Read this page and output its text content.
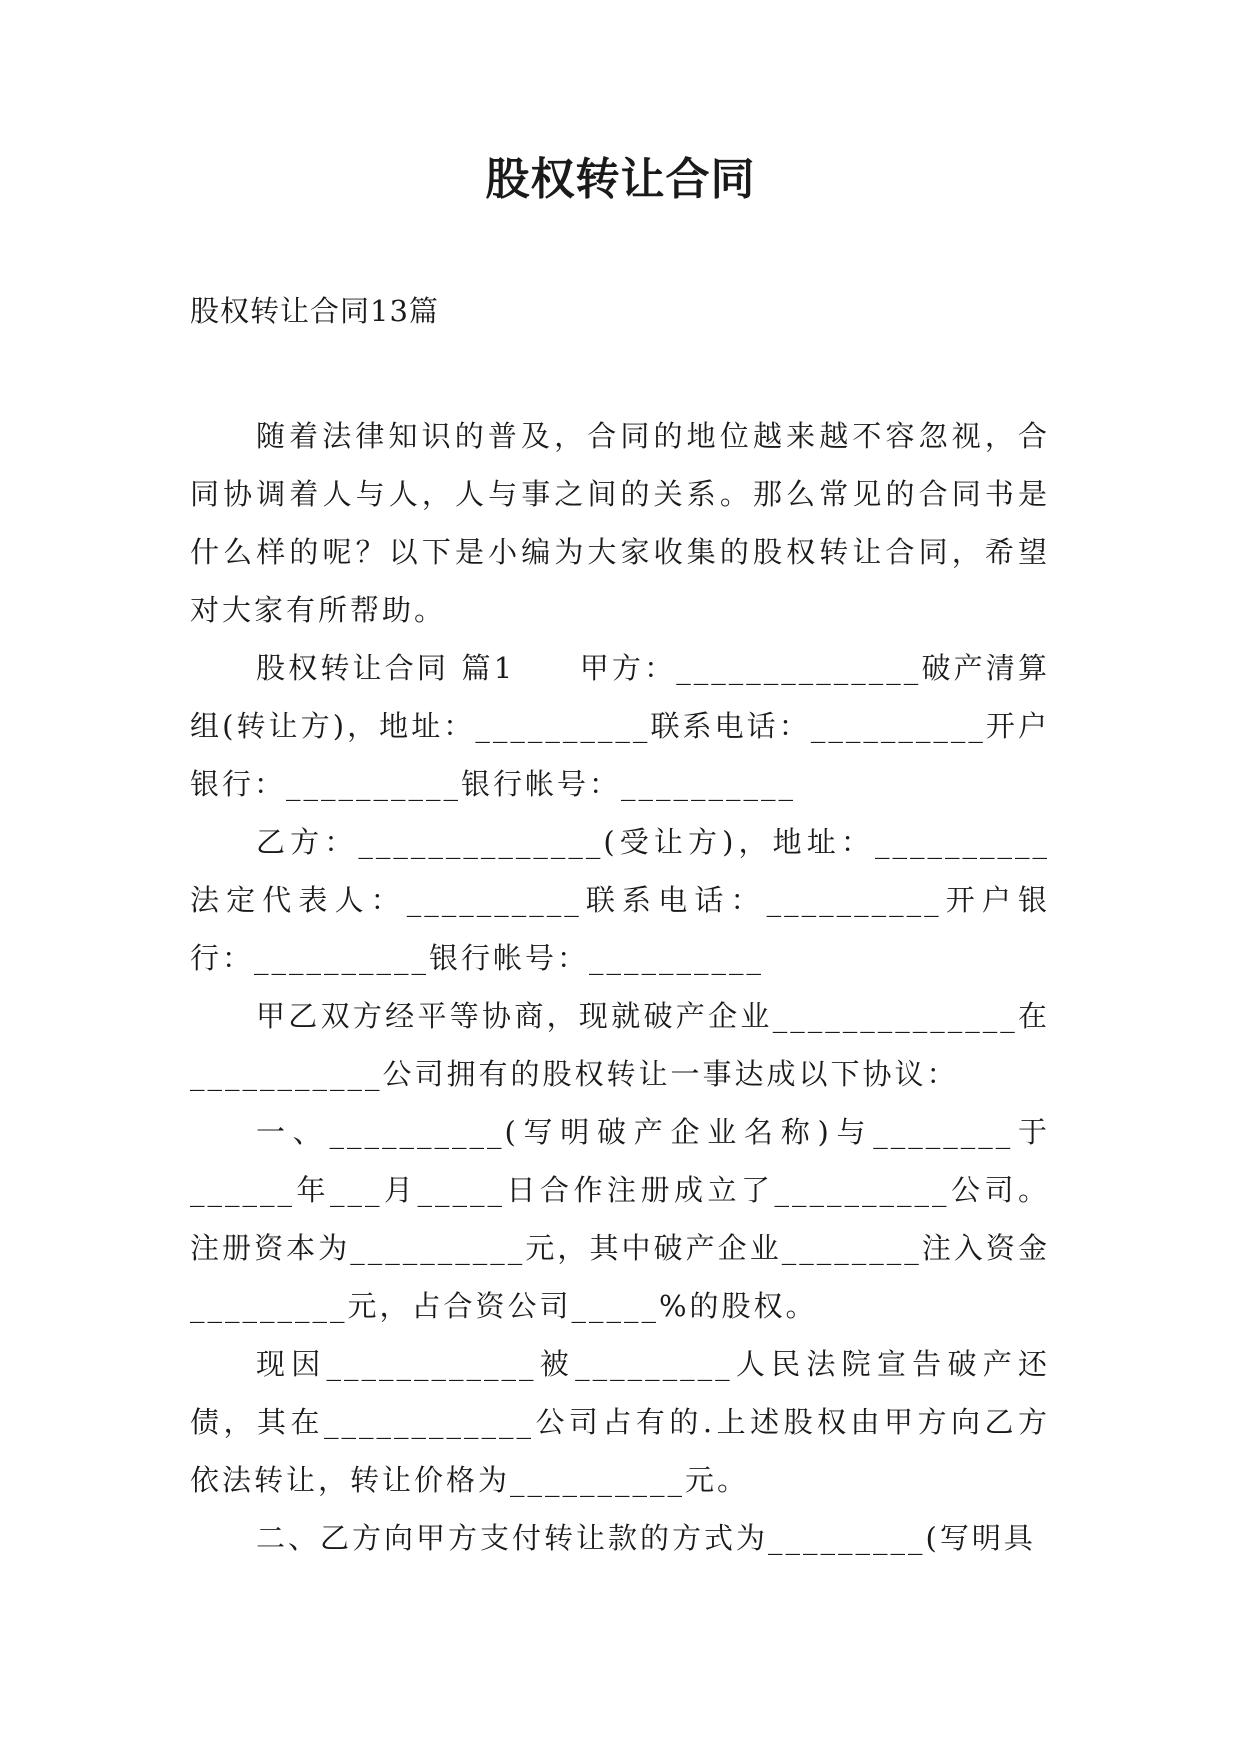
股权转让合同
股权转让合同13篇

随着法律知识的普及，合同的地位越来越不容忽视，合同协调着人与人，人与事之间的关系。那么常见的合同书是什么样的呢？以下是小编为大家收集的股权转让合同，希望对大家有所帮助。

股权转让合同 篇1　　甲方：______________破产清算组(转让方)，地址：__________联系电话：__________开户银行：__________银行帐号：__________

乙方：______________(受让方)，地址：__________法定代表人：__________联系电话：__________开户银行：__________银行帐号：__________

甲乙双方经平等协商，现就破产企业______________在___________公司拥有的股权转让一事达成以下协议：

一、__________(写明破产企业名称)与________于______年___月_____日合作注册成立了__________公司。注册资本为__________元，其中破产企业________注入资金_________元，占合资公司_____%的股权。

现因____________被_________人民法院宣告破产还债，其在____________公司占有的.上述股权由甲方向乙方依法转让，转让价格为__________元。

二、乙方向甲方支付转让款的方式为_________(写明具
